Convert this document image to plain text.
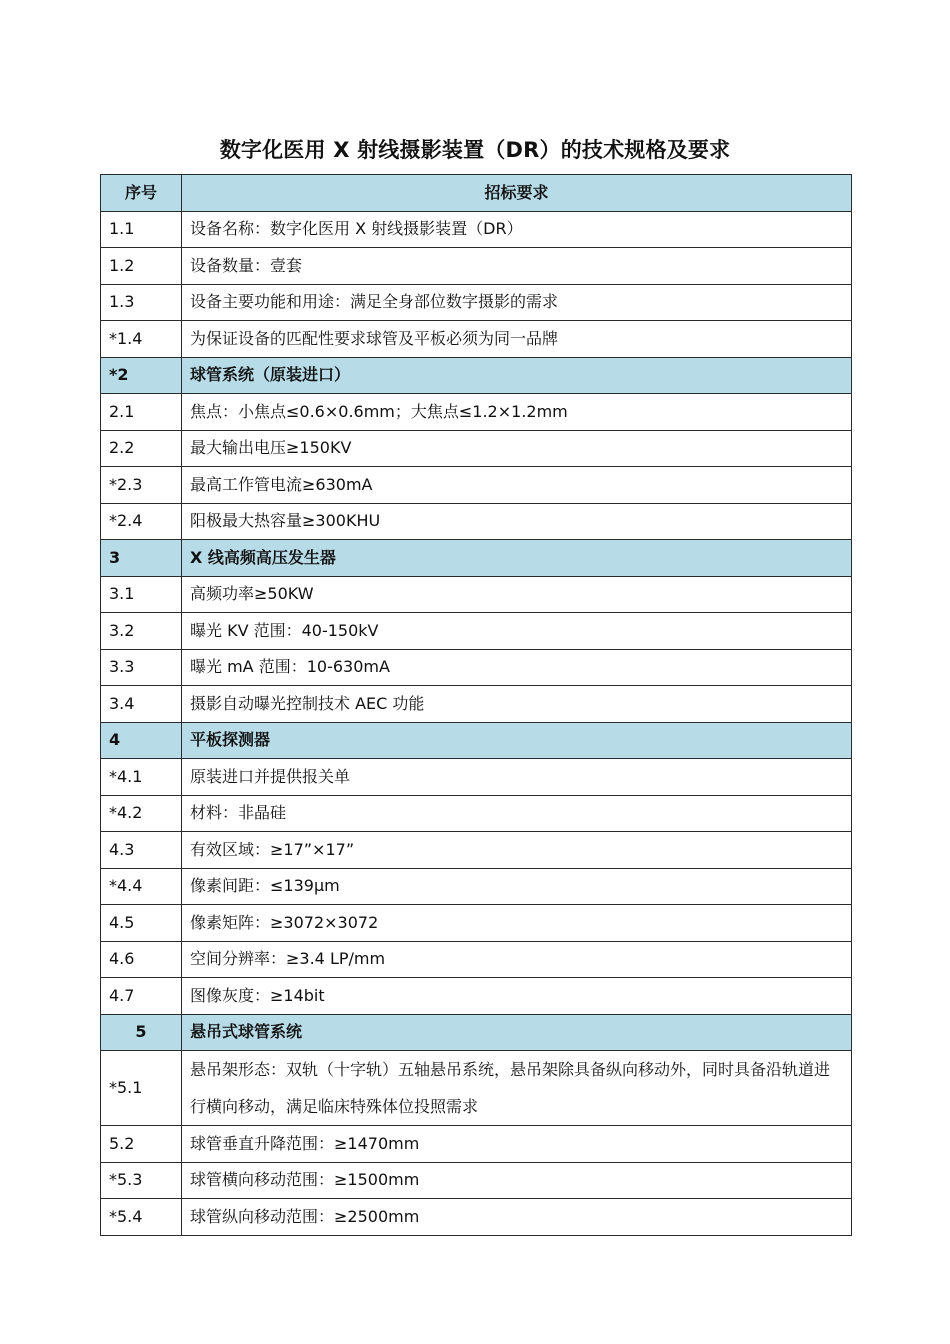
数字化医用 X 射线摄影装置（DR）的技术规格及要求
序号	招标要求
1.1	设备名称：数字化医用 X 射线摄影装置（DR）
1.2	设备数量：壹套
1.3	设备主要功能和用途：满足全身部位数字摄影的需求
*1.4	为保证设备的匹配性要求球管及平板必须为同一品牌
*2	球管系统（原装进口）
2.1	焦点：小焦点≤0.6×0.6mm；大焦点≤1.2×1.2mm
2.2	最大输出电压≥150KV
*2.3	最高工作管电流≥630mA
*2.4	阳极最大热容量≥300KHU
3	X 线高频高压发生器
3.1	高频功率≥50KW
3.2	曝光 KV 范围：40-150kV
3.3	曝光 mA 范围：10-630mA
3.4	摄影自动曝光控制技术 AEC 功能
4	平板探测器
*4.1	原装进口并提供报关单
*4.2	材料：非晶硅
4.3	有效区域：≥17”×17”
*4.4	像素间距：≤139μm
4.5	像素矩阵：≥3072×3072
4.6	空间分辨率：≥3.4 LP/mm
4.7	图像灰度：≥14bit
5	悬吊式球管系统
*5.1	悬吊架形态：双轨（十字轨）五轴悬吊系统，悬吊架除具备纵向移动外，同时具备沿轨道进行横向移动，满足临床特殊体位投照需求
5.2	球管垂直升降范围：≥1470mm
*5.3	球管横向移动范围：≥1500mm
*5.4	球管纵向移动范围：≥2500mm
